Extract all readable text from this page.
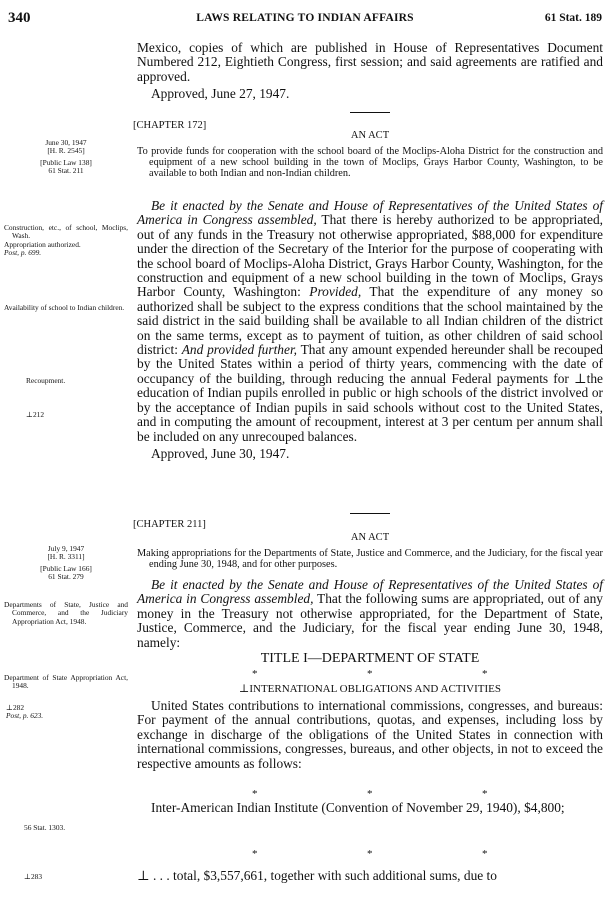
340	LAWS RELATING TO INDIAN AFFAIRS	61 Stat. 189

Mexico, copies of which are published in House of Representatives Document Numbered 212, Eightieth Congress, first session; and said agreements are ratified and approved.

Approved, June 27, 1947.

[CHAPTER 172]
AN ACT

To provide funds for cooperation with the school board of the Moclips-Aloha District for the construction and equipment of a new school building in the town of Moclips, Grays Harbor County, Washington, to be available to both Indian and non-Indian children.

Be it enacted by the Senate and House of Representatives of the United States of America in Congress assembled, That there is hereby authorized to be appropriated, out of any funds in the Treasury not otherwise appropriated, $88,000 for expenditure under the direction of the Secretary of the Interior for the purpose of cooperating with the school board of Moclips-Aloha District, Grays Harbor County, Washington, for the construction and equipment of a new school building in the town of Moclips, Grays Harbor County, Washington: Provided, That the expenditure of any money so authorized shall be subject to the express conditions that the school maintained by the said district in the said building shall be available to all Indian children of the district on the same terms, except as to payment of tuition, as other children of said school district: And provided further, That any amount expended hereunder shall be recouped by the United States within a period of thirty years, commencing with the date of occupancy of the building, through reducing the annual Federal payments for ⊥the education of Indian pupils enrolled in public or high schools of the district involved or by the acceptance of Indian pupils in said schools without cost to the United States, and in computing the amount of recoupment, interest at 3 per centum per annum shall be included on any unrecouped balances.

Approved, June 30, 1947.

[CHAPTER 211]
AN ACT

Making appropriations for the Departments of State, Justice and Commerce, and the Judiciary, for the fiscal year ending June 30, 1948, and for other purposes.

Be it enacted by the Senate and House of Representatives of the United States of America in Congress assembled, That the following sums are appropriated, out of any money in the Treasury not otherwise appropriated, for the Department of State, Justice, Commerce, and the Judiciary, for the fiscal year ending June 30, 1948, namely:

TITLE I—DEPARTMENT OF STATE
*	*	*
⊥INTERNATIONAL OBLIGATIONS AND ACTIVITIES

United States contributions to international commissions, congresses, and bureaus: For payment of the annual contributions, quotas, and expenses, including loss by exchange in discharge of the obligations of the United States in connection with international commissions, congresses, bureaus, and other objects, in not to exceed the respective amounts as follows:

*	*	*

Inter-American Indian Institute (Convention of November 29, 1940), $4,800;

*	*	*

⊥ . . . total, $3,557,661, together with such additional sums, due to

June 30, 1947
[H. R. 2545]
[Public Law 138]
61 Stat. 211
Construction, etc., of school, Moclips, Wash.
Appropriation authorized.
Post, p. 699.
Availability of school to Indian children.
Recoupment.
⊥212
July 9, 1947
[H. R. 3311]
[Public Law 166]
61 Stat. 279
Departments of State, Justice and Commerce, and the Judiciary Appropriation Act, 1948.
Department of State Appropriation Act, 1948.
⊥282
Post, p. 623.
56 Stat. 1303.
⊥283
